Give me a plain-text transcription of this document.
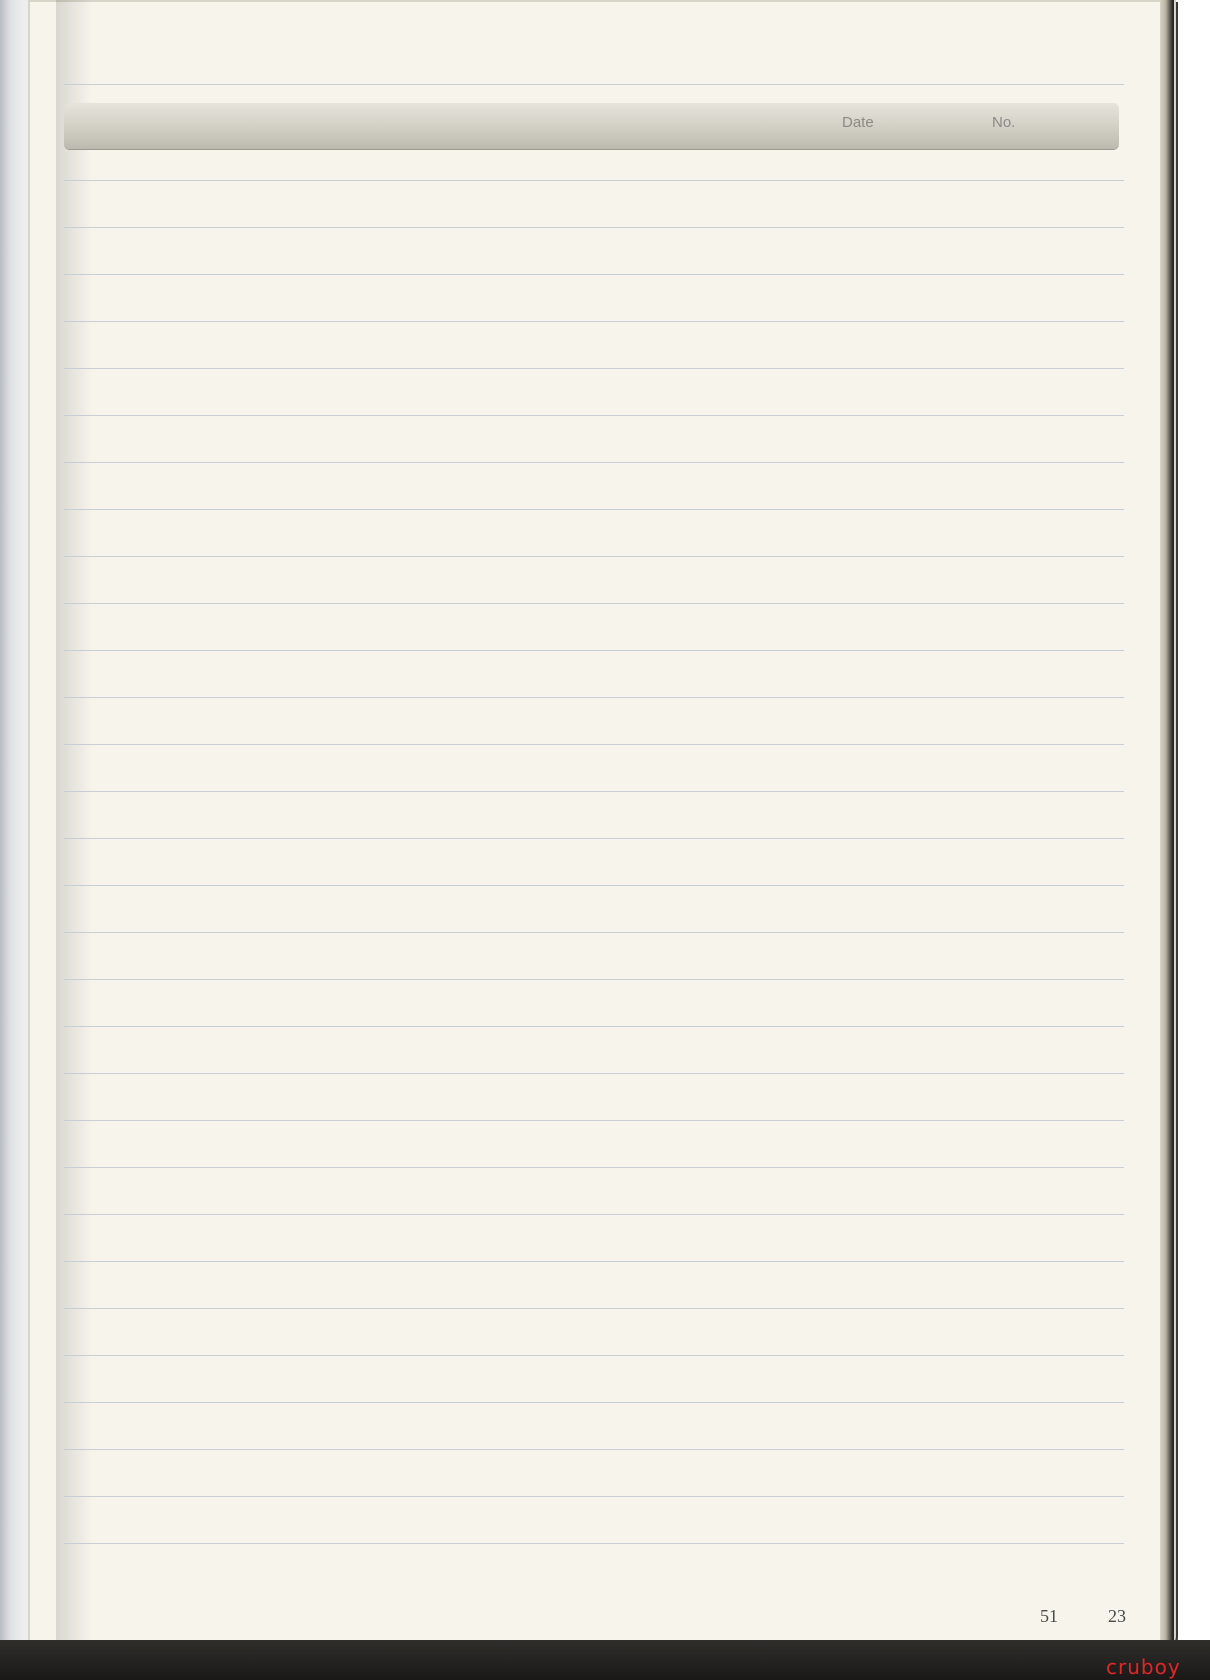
Date	No.
51	23
cruboy
